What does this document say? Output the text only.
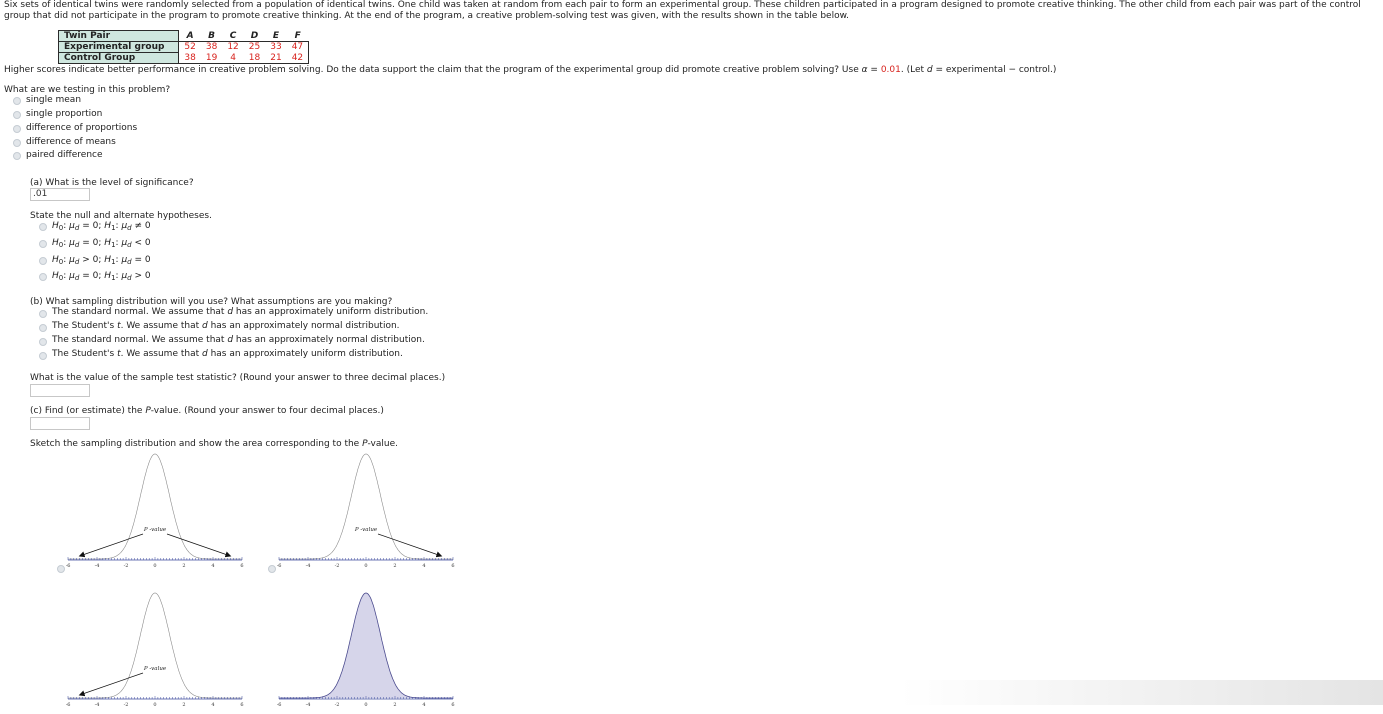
Six sets of identical twins were randomly selected from a population of identical twins. One child was taken at random from each pair to form an experimental group. These children participated in a program designed to promote creative thinking. The other child from each pair was part of the control group that did not participate in the program to promote creative thinking. At the end of the program, a creative problem-solving test was given, with the results shown in the table below.
Twin Pair	A	B	C	D	E	F
Experimental group	52	38	12	25	33	47
Control Group	38	19	4	18	21	42
Higher scores indicate better performance in creative problem solving. Do the data support the claim that the program of the experimental group did promote creative problem solving? Use α = 0.01. (Let d = experimental − control.)
What are we testing in this problem?
single mean
single proportion
difference of proportions
difference of means
paired difference
(a) What is the level of significance?
.01
State the null and alternate hypotheses.
$H_0$: $\mu_d = 0$; $H_1$: $\mu_d \ne 0$
$H_0$: $\mu_d = 0$; $H_1$: $\mu_d < 0$
$H_0$: $\mu_d > 0$; $H_1$: $\mu_d = 0$
$H_0$: $\mu_d = 0$; $H_1$: $\mu_d > 0$
(b) What sampling distribution will you use? What assumptions are you making?
The standard normal. We assume that d has an approximately uniform distribution.
The Student's t. We assume that d has an approximately normal distribution.
The standard normal. We assume that d has an approximately normal distribution.
The Student's t. We assume that d has an approximately uniform distribution.
What is the value of the sample test statistic? (Round your answer to three decimal places.)
(c) Find (or estimate) the P-value. (Round your answer to four decimal places.)
Sketch the sampling distribution and show the area corresponding to the P-value.
-6	-4	-2	0	2	4	6
P -value
-6	-4	-2	0	2	4	6
P -value
-6	-4	-2	0	2	4	6
P -value
-6	-4	-2	0	2	4	6
